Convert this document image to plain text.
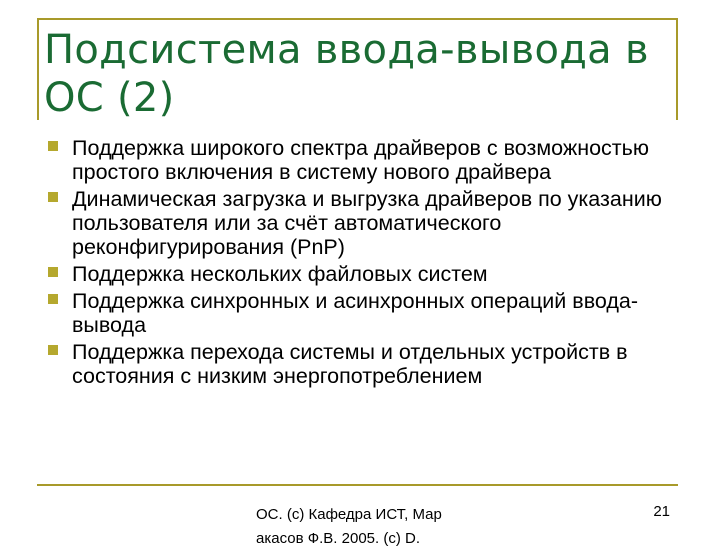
Подсистема ввода-вывода в ОС (2)
Поддержка широкого спектра драйверов с возможностью простого включения в систему нового драйвера
Динамическая загрузка и выгрузка драйверов по указанию пользователя или за счёт автоматического реконфигурирования (PnP)
Поддержка нескольких файловых систем
Поддержка синхронных и асинхронных операций ввода-вывода
Поддержка перехода системы и отдельных устройств в состояния с низким энергопотреблением
ОС. (с) Кафедра ИСТ, Мар
акасов Ф.В. 2005. (с) D.
21
